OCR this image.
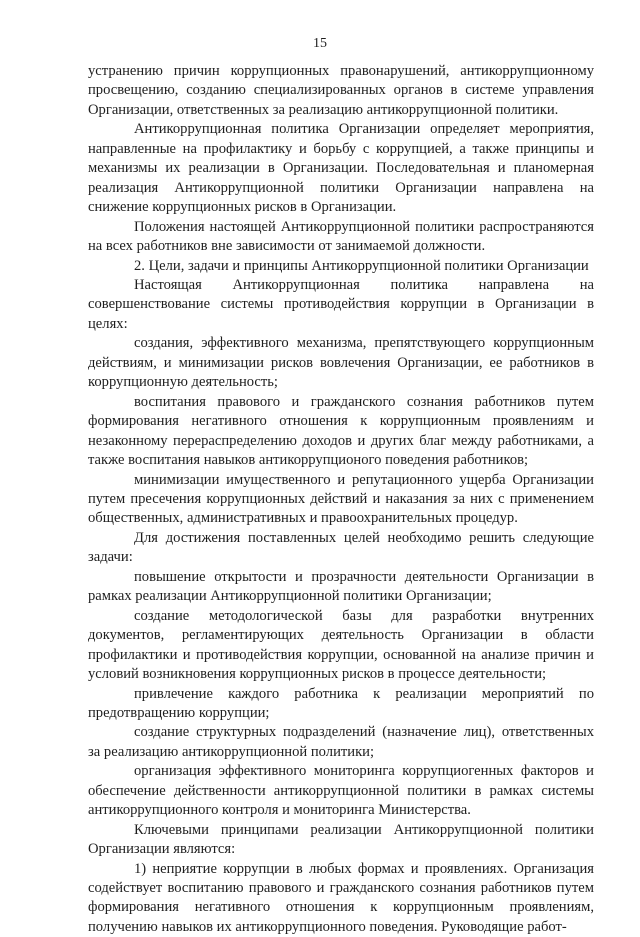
15

устранению причин коррупционных правонарушений, антикоррупционному просвещению, созданию специализированных органов в системе управления Организации, ответственных за реализацию антикоррупционной политики.

Антикоррупционная политика Организации определяет мероприятия, направленные на профилактику и борьбу с коррупцией, а также принципы и механизмы их реализации в Организации. Последовательная и планомерная реализация Антикоррупционной политики Организации направлена на снижение коррупционных рисков в Организации.

Положения настоящей Антикоррупционной политики распространяются на всех работников вне зависимости от занимаемой должности.

2. Цели, задачи и принципы Антикоррупционной политики Организации

Настоящая Антикоррупционная политика направлена на совершенствование системы противодействия коррупции в Организации в целях:

создания, эффективного механизма, препятствующего коррупционным действиям, и минимизации рисков вовлечения Организации, ее работников в коррупционную деятельность;

воспитания правового и гражданского сознания работников путем формирования негативного отношения к коррупционным проявлениям и незаконному перераспределению доходов и других благ между работниками, а также воспитания навыков антикоррупционого поведения работников;

минимизации имущественного и репутационного ущерба Организации путем пресечения коррупционных действий и наказания за них с применением общественных, административных и правоохранительных процедур.

Для достижения поставленных целей необходимо решить следующие задачи:

повышение открытости и прозрачности деятельности Организации в рамках реализации Антикоррупционной политики Организации;

создание методологической базы для разработки внутренних документов, регламентирующих деятельность Организации в области профилактики и противодействия коррупции, основанной на анализе причин и условий возникновения коррупционных рисков в процессе деятельности;

привлечение каждого работника к реализации мероприятий по предотвращению коррупции;

создание структурных подразделений (назначение лиц), ответственных за реализацию антикоррупционной политики;

организация эффективного мониторинга коррупциогенных факторов и обеспечение действенности антикоррупционной политики в рамках системы антикоррупционного контроля и мониторинга Министерства.

Ключевыми принципами реализации Антикоррупционной политики Организации являются:

1) неприятие коррупции в любых формах и проявлениях. Организация содействует воспитанию правового и гражданского сознания работников путем формирования негативного отношения к коррупционным проявлениям, получению навыков их антикоррупционного поведения. Руководящие работ-
